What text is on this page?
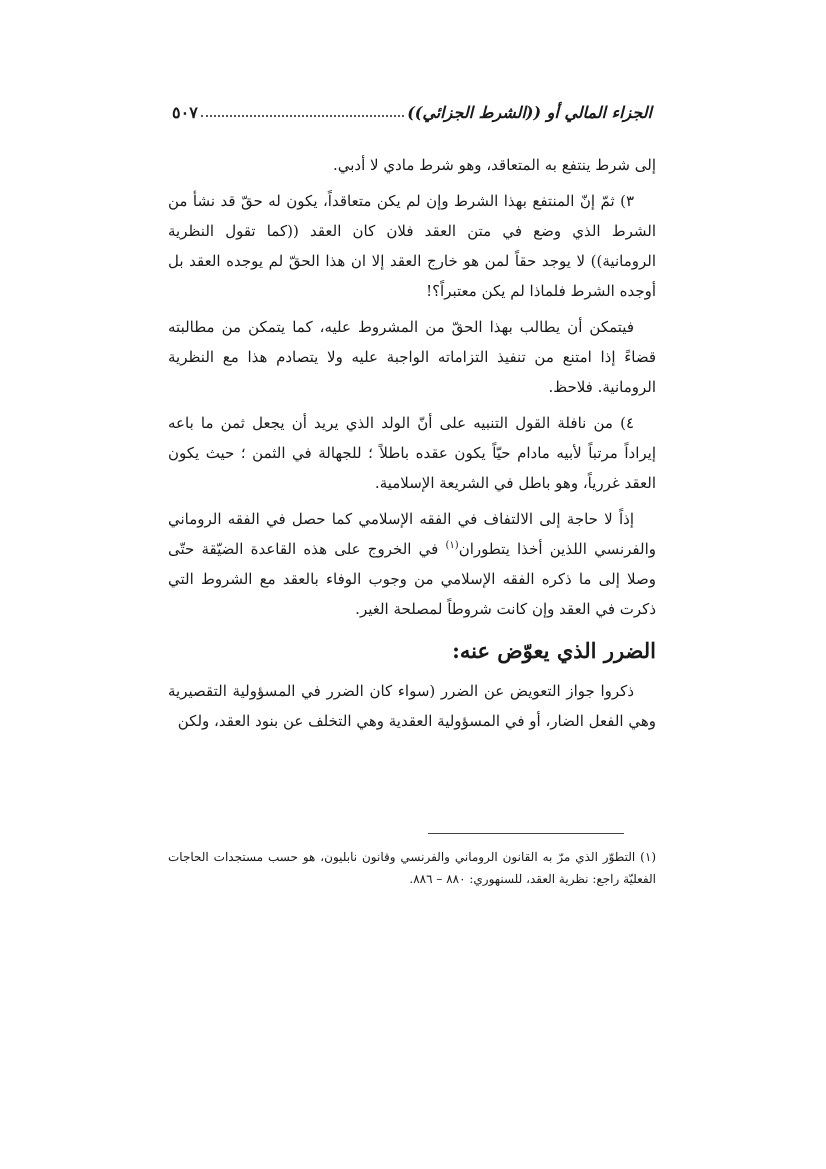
الجزاء المالي أو ((الشرط الجزائي))
٥٠٧

إلى شرط ينتفع به المتعاقد، وهو شرط مادي لا أدبي.

٣) ثمّ إنّ المنتفع بهذا الشرط وإن لم يكن متعاقداً، يكون له حقّ قد نشأ من الشرط الذي وضع في متن العقد فلان كان العقد ((كما تقول النظرية الرومانية)) لا يوجد حقاً لمن هو خارج العقد إلا ان هذا الحقّ لم يوجده العقد بل أوجده الشرط فلماذا لم يكن معتبراً؟!

فيتمكن أن يطالب بهذا الحقّ من المشروط عليه، كما يتمكن من مطالبته قضاءً إذا امتنع من تنفيذ التزاماته الواجبة عليه ولا يتصادم هذا مع النظرية الرومانية. فلاحظ.

٤) من نافلة القول التنبيه على أنّ الولد الذي يريد أن يجعل ثمن ما باعه إيراداً مرتباً لأبيه مادام حيّاً يكون عقده باطلاً ؛ للجهالة في الثمن ؛ حيث يكون العقد غررياً، وهو باطل في الشريعة الإسلامية.

إذاً لا حاجة إلى الالتفاف في الفقه الإسلامي كما حصل في الفقه الروماني والفرنسي اللذين أخذا يتطوران$^{(١)}$ في الخروج على هذه القاعدة الضيّقة حتّى وصلا إلى ما ذكره الفقه الإسلامي من وجوب الوفاء بالعقد مع الشروط التي ذكرت في العقد وإن كانت شروطاً لمصلحة الغير.

الضرر الذي يعوّض عنه:

ذكروا جواز التعويض عن الضرر (سواء كان الضرر في المسؤولية التقصيرية وهي الفعل الضار، أو في المسؤولية العقدية وهي التخلف عن بنود العقد، ولكن

(١) التطوّر الذي مرّ به القانون الروماني والفرنسي وقانون نابليون، هو حسب مستجدات الحاجات الفعليّة راجع: نظرية العقد، للسنهوري: ٨٨٠ – ٨٨٦.
